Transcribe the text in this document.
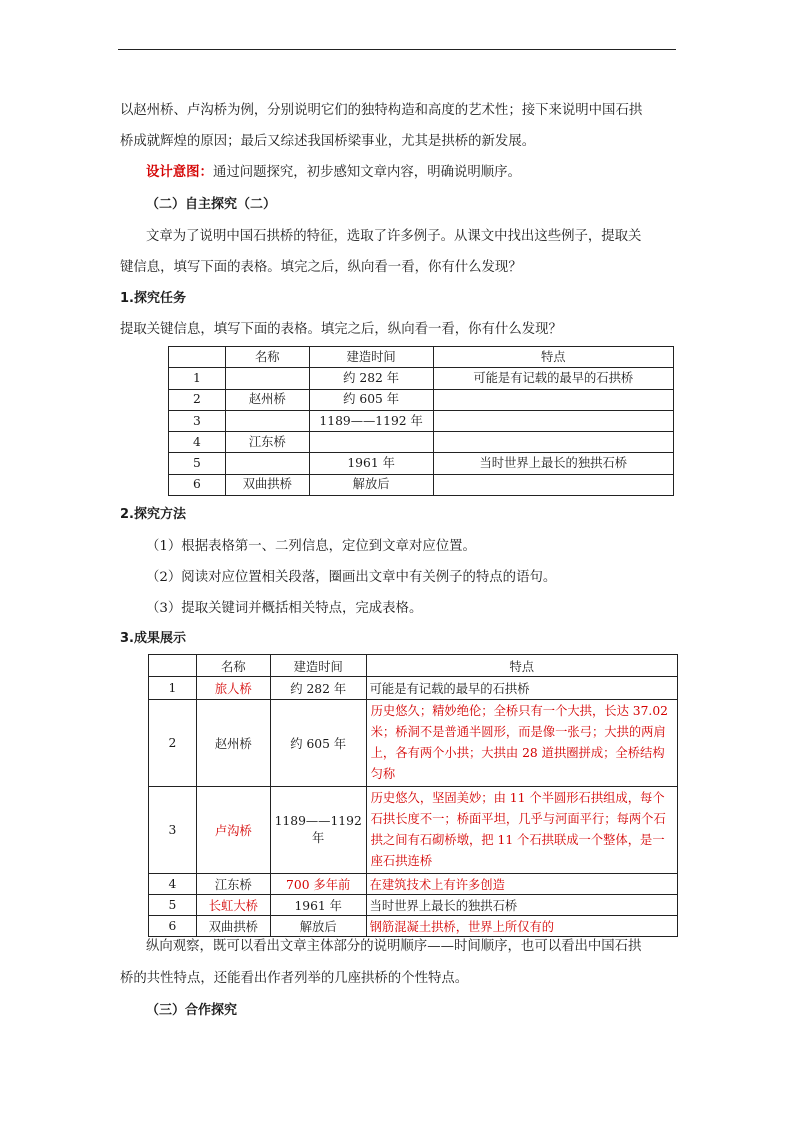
以赵州桥、卢沟桥为例，分别说明它们的独特构造和高度的艺术性；接下来说明中国石拱
桥成就辉煌的原因；最后又综述我国桥梁事业，尤其是拱桥的新发展。
设计意图：通过问题探究，初步感知文章内容，明确说明顺序。
（二）自主探究（二）
文章为了说明中国石拱桥的特征，选取了许多例子。从课文中找出这些例子，提取关
键信息，填写下面的表格。填完之后，纵向看一看，你有什么发现？
1.探究任务
提取关键信息，填写下面的表格。填完之后，纵向看一看，你有什么发现？
	名称	建造时间	特点
1		约 282 年	可能是有记载的最早的石拱桥
2	赵州桥	约 605 年	
3		1189——1192 年	
4	江东桥		
5		1961 年	当时世界上最长的独拱石桥
6	双曲拱桥	解放后	
2.探究方法
（1）根据表格第一、二列信息，定位到文章对应位置。
（2）阅读对应位置相关段落，圈画出文章中有关例子的特点的语句。
（3）提取关键词并概括相关特点，完成表格。
3.成果展示
	名称	建造时间	特点
1	旅人桥	约 282 年	可能是有记载的最早的石拱桥
2	赵州桥	约 605 年	历史悠久；精妙绝伦；全桥只有一个大拱，长达 37.02 米；桥洞不是普通半圆形，而是像一张弓；大拱的两肩上，各有两个小拱；大拱由 28 道拱圈拼成；全桥结构匀称
3	卢沟桥	1189——1192 年	历史悠久，坚固美妙；由 11 个半圆形石拱组成，每个石拱长度不一；桥面平坦，几乎与河面平行；每两个石拱之间有石砌桥墩，把 11 个石拱联成一个整体，是一座石拱连桥
4	江东桥	700 多年前	在建筑技术上有许多创造
5	长虹大桥	1961 年	当时世界上最长的独拱石桥
6	双曲拱桥	解放后	钢筋混凝土拱桥，世界上所仅有的
纵向观察，既可以看出文章主体部分的说明顺序——时间顺序，也可以看出中国石拱
桥的共性特点，还能看出作者列举的几座拱桥的个性特点。
（三）合作探究
